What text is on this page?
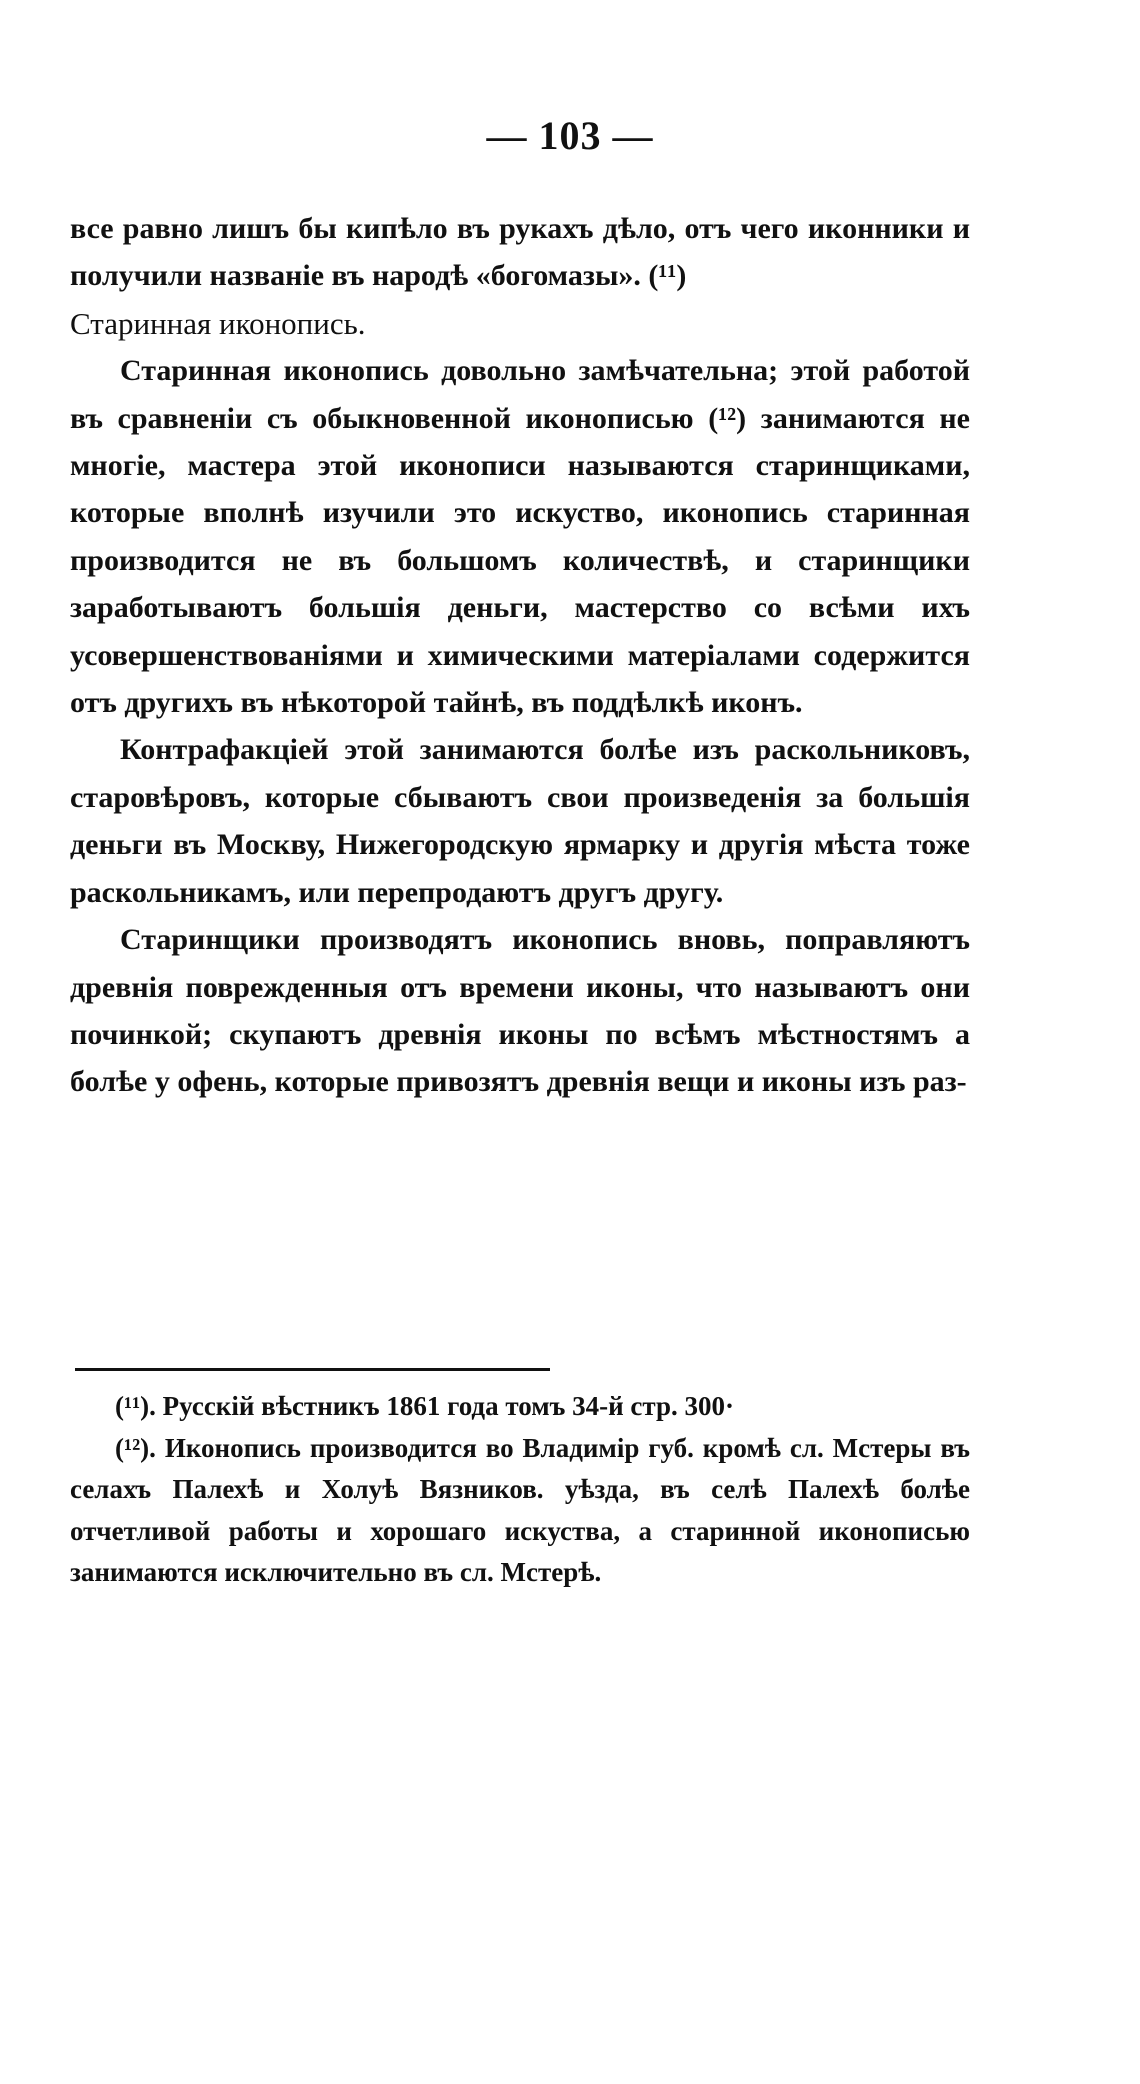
— 103 —

все равно лишъ бы кипѣло въ рукахъ дѣло, отъ чего иконники и получили названіе въ народѣ «богомазы». (¹¹)

Старинная иконопись.

Старинная иконопись довольно замѣчательна; этой работой въ сравненіи съ обыкновенной иконописью (¹²) занимаются не многіе, мастера этой иконописи называются старинщиками, которые вполнѣ изучили это искуство, иконопись старинная производится не въ большомъ количествѣ, и старинщики заработываютъ большія деньги, мастерство со всѣми ихъ усовершенствованіями и химическими матеріалами содержится отъ другихъ въ нѣкоторой тайнѣ, въ поддѣлкѣ иконъ.

Контрафакціей этой занимаются болѣе изъ раскольниковъ, старовѣровъ, которые сбываютъ свои произведенія за большія деньги въ Москву, Нижегородскую ярмарку и другія мѣста тоже раскольникамъ, или перепродаютъ другъ другу.

Старинщики производятъ иконопись вновь, поправляютъ древнія поврежденныя отъ времени иконы, что называютъ они починкой; скупаютъ древнія иконы по всѣмъ мѣстностямъ а болѣе у офень, которые привозятъ древнія вещи и иконы изъ раз-

(¹¹). Русскій вѣстникъ 1861 года томъ 34-й стр. 300·

(¹²). Иконопись производится во Владимір губ. кромѣ сл. Мстеры въ селахъ Палехѣ и Холуѣ Вязников. уѣзда, въ селѣ Палехѣ болѣе отчетливой работы и хорошаго искуства, а старинной иконописью занимаются исключительно въ сл. Мстерѣ.
